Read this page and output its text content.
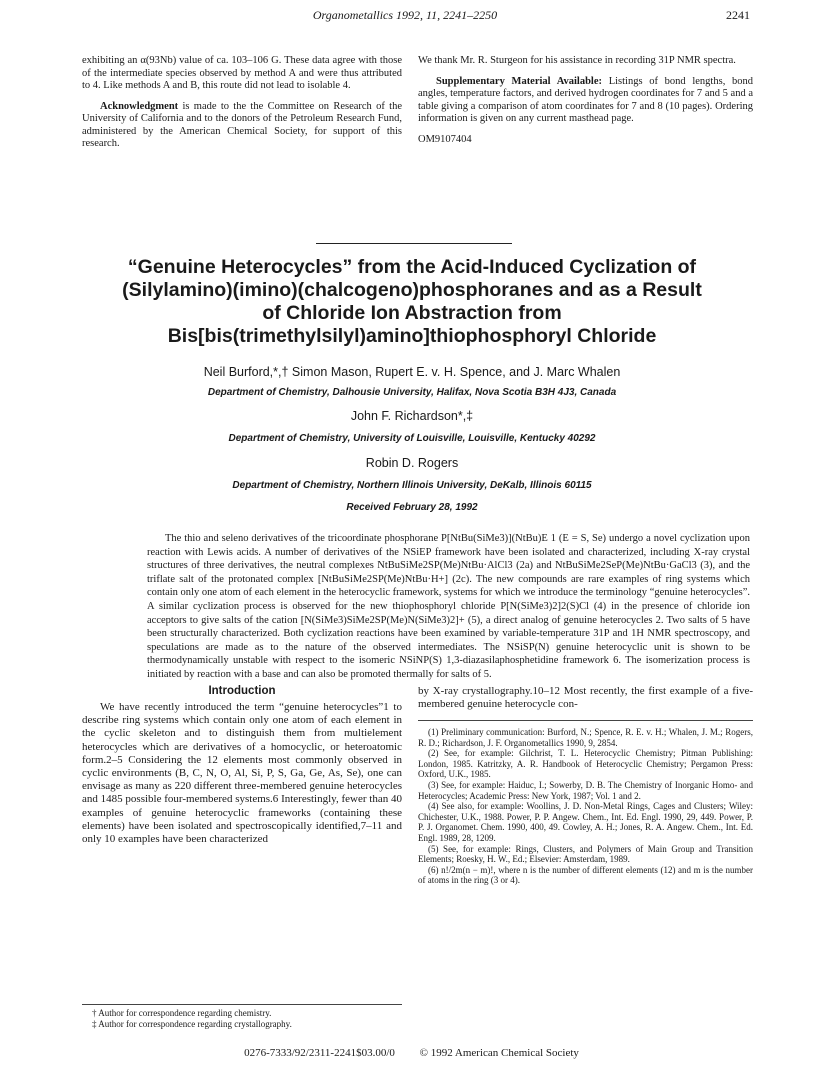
Organometallics 1992, 11, 2241–2250	2241

exhibiting an α(93Nb) value of ca. 103–106 G. These data agree with those of the intermediate species observed by method A and were thus attributed to 4. Like methods A and B, this route did not lead to isolable 4.

Acknowledgment is made to the the Committee on Research of the University of California and to the donors of the Petroleum Research Fund, administered by the American Chemical Society, for support of this research.

We thank Mr. R. Sturgeon for his assistance in recording 31P NMR spectra.

Supplementary Material Available: Listings of bond lengths, bond angles, temperature factors, and derived hydrogen coordinates for 7 and 5 and a table giving a comparison of atom coordinates for 7 and 8 (10 pages). Ordering information is given on any current masthead page.

OM9107404
“Genuine Heterocycles” from the Acid-Induced Cyclization of
(Silylamino)(imino)(chalcogeno)phosphoranes and as a Result
of Chloride Ion Abstraction from
Bis[bis(trimethylsilyl)amino]thiophosphoryl Chloride
Neil Burford,*,† Simon Mason, Rupert E. v. H. Spence, and J. Marc Whalen
Department of Chemistry, Dalhousie University, Halifax, Nova Scotia B3H 4J3, Canada
John F. Richardson*,‡
Department of Chemistry, University of Louisville, Louisville, Kentucky 40292
Robin D. Rogers
Department of Chemistry, Northern Illinois University, DeKalb, Illinois 60115
Received February 28, 1992
The thio and seleno derivatives of the tricoordinate phosphorane P[NtBu(SiMe3)](NtBu)E 1 (E = S, Se) undergo a novel cyclization upon reaction with Lewis acids. A number of derivatives of the NSiEP framework have been isolated and characterized, including X-ray crystal structures of three derivatives, the neutral complexes NtBuSiMe2SP(Me)NtBu·AlCl3 (2a) and NtBuSiMe2SeP(Me)NtBu·GaCl3 (3), and the triflate salt of the protonated complex [NtBuSiMe2SP(Me)NtBu·H+] (2c). The new compounds are rare examples of ring systems which contain only one atom of each element in the heterocyclic framework, systems for which we introduce the terminology “genuine heterocycles”. A similar cyclization process is observed for the new thiophosphoryl chloride P[N(SiMe3)2]2(S)Cl (4) in the presence of chloride ion acceptors to give salts of the cation [N(SiMe3)SiMe2SP(Me)N(SiMe3)2]+ (5), a direct analog of genuine heterocycles 2. Two salts of 5 have been structurally characterized. Both cyclization reactions have been examined by variable-temperature 31P and 1H NMR spectroscopy, and speculations are made as to the nature of the observed intermediates. The NSiSP(N) genuine heterocyclic unit is shown to be thermodynamically unstable with respect to the isomeric NSiNP(S) 1,3-diazasilaphosphetidine framework 6. The isomerization process is initiated by reaction with a base and can also be promoted thermally for salts of 5.
Introduction
We have recently introduced the term “genuine heterocycles”1 to describe ring systems which contain only one atom of each element in the cyclic skeleton and to distinguish them from multielement heterocycles which are derivatives of a homocyclic, or heteroatomic form.2–5 Considering the 12 elements most commonly observed in cyclic environments (B, C, N, O, Al, Si, P, S, Ga, Ge, As, Se), one can envisage as many as 220 different three-membered genuine heterocycles and 1485 possible four-membered systems.6 Interestingly, fewer than 40 examples of genuine heterocyclic frameworks (containing these elements) have been isolated and spectroscopically identified,7–11 and only 10 examples have been characterized
by X-ray crystallography.10–12 Most recently, the first example of a five-membered genuine heterocycle con-
(1) Preliminary communication: Burford, N.; Spence, R. E. v. H.; Whalen, J. M.; Rogers, R. D.; Richardson, J. F. Organometallics 1990, 9, 2854.
(2) See, for example: Gilchrist, T. L. Heterocyclic Chemistry; Pitman Publishing: London, 1985. Katritzky, A. R. Handbook of Heterocyclic Chemistry; Pergamon Press: Oxford, U.K., 1985.
(3) See, for example: Haiduc, I.; Sowerby, D. B. The Chemistry of Inorganic Homo- and Heterocycles; Academic Press: New York, 1987; Vol. 1 and 2.
(4) See also, for example: Woollins, J. D. Non-Metal Rings, Cages and Clusters; Wiley: Chichester, U.K., 1988. Power, P. P. Angew. Chem., Int. Ed. Engl. 1990, 29, 449. Power, P. P. J. Organomet. Chem. 1990, 400, 49. Cowley, A. H.; Jones, R. A. Angew. Chem., Int. Ed. Engl. 1989, 28, 1209.
(5) See, for example: Rings, Clusters, and Polymers of Main Group and Transition Elements; Roesky, H. W., Ed.; Elsevier: Amsterdam, 1989.
(6) n!/2m(n − m)!, where n is the number of different elements (12) and m is the number of atoms in the ring (3 or 4).
† Author for correspondence regarding chemistry.
‡ Author for correspondence regarding crystallography.
0276-7333/92/2311-2241$03.00/0 © 1992 American Chemical Society
